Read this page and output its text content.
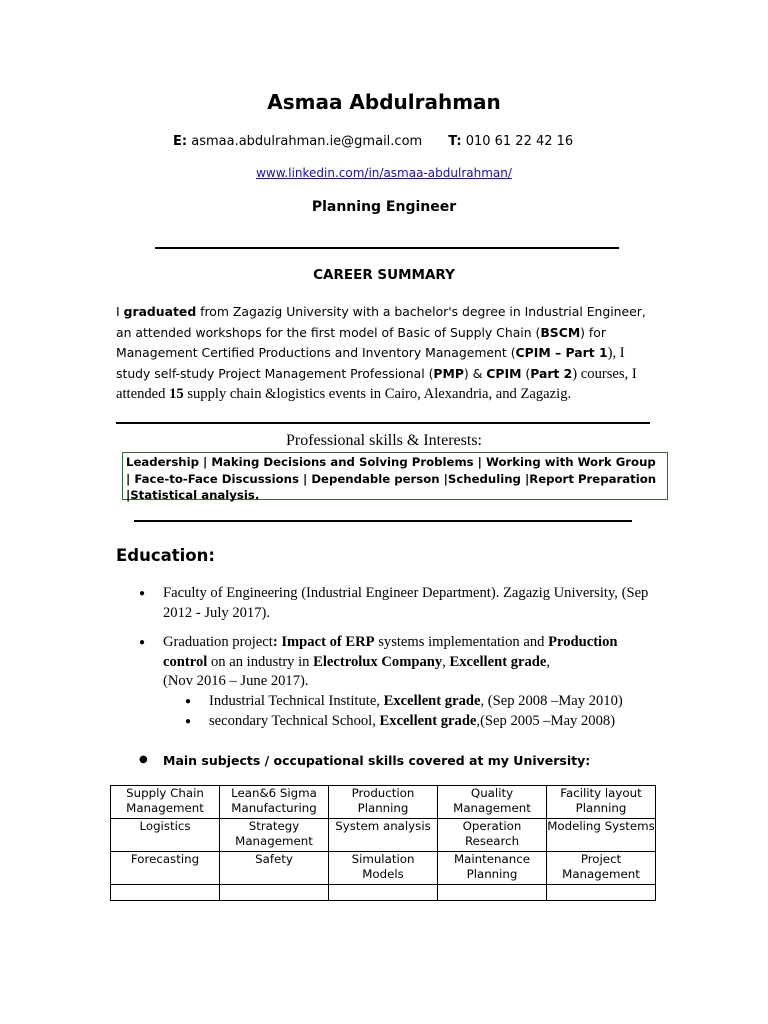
Asmaa Abdulrahman
E: asmaa.abdulrahman.ie@gmail.com T: 010 61 22 42 16
www.linkedin.com/in/asmaa-abdulrahman/
Planning Engineer
CAREER SUMMARY
I graduated from Zagazig University with a bachelor's degree in Industrial Engineer, an attended workshops for the first model of Basic of Supply Chain (BSCM) for Management Certified Productions and Inventory Management (CPIM – Part 1), I study self-study Project Management Professional (PMP) & CPIM (Part 2) courses, I attended 15 supply chain &logistics events in Cairo, Alexandria, and Zagazig.
Professional skills & Interests:
Leadership | Making Decisions and Solving Problems | Working with Work Group | Face-to-Face Discussions | Dependable person |Scheduling |Report Preparation |Statistical analysis.
Education:
● Faculty of Engineering (Industrial Engineer Department). Zagazig University, (Sep 2012 - July 2017).
● Graduation project: Impact of ERP systems implementation and Production control on an industry in Electrolux Company, Excellent grade,
(Nov 2016 – June 2017).
● Industrial Technical Institute, Excellent grade, (Sep 2008 –May 2010)
● secondary Technical School, Excellent grade,(Sep 2005 –May 2008)
● Main subjects / occupational skills covered at my University:
Supply Chain Management	Lean&6 Sigma Manufacturing	Production Planning	Quality Management	Facility layout Planning
Logistics	Strategy Management	System analysis	Operation Research	Modeling Systems
Forecasting	Safety	Simulation Models	Maintenance Planning	Project Management
